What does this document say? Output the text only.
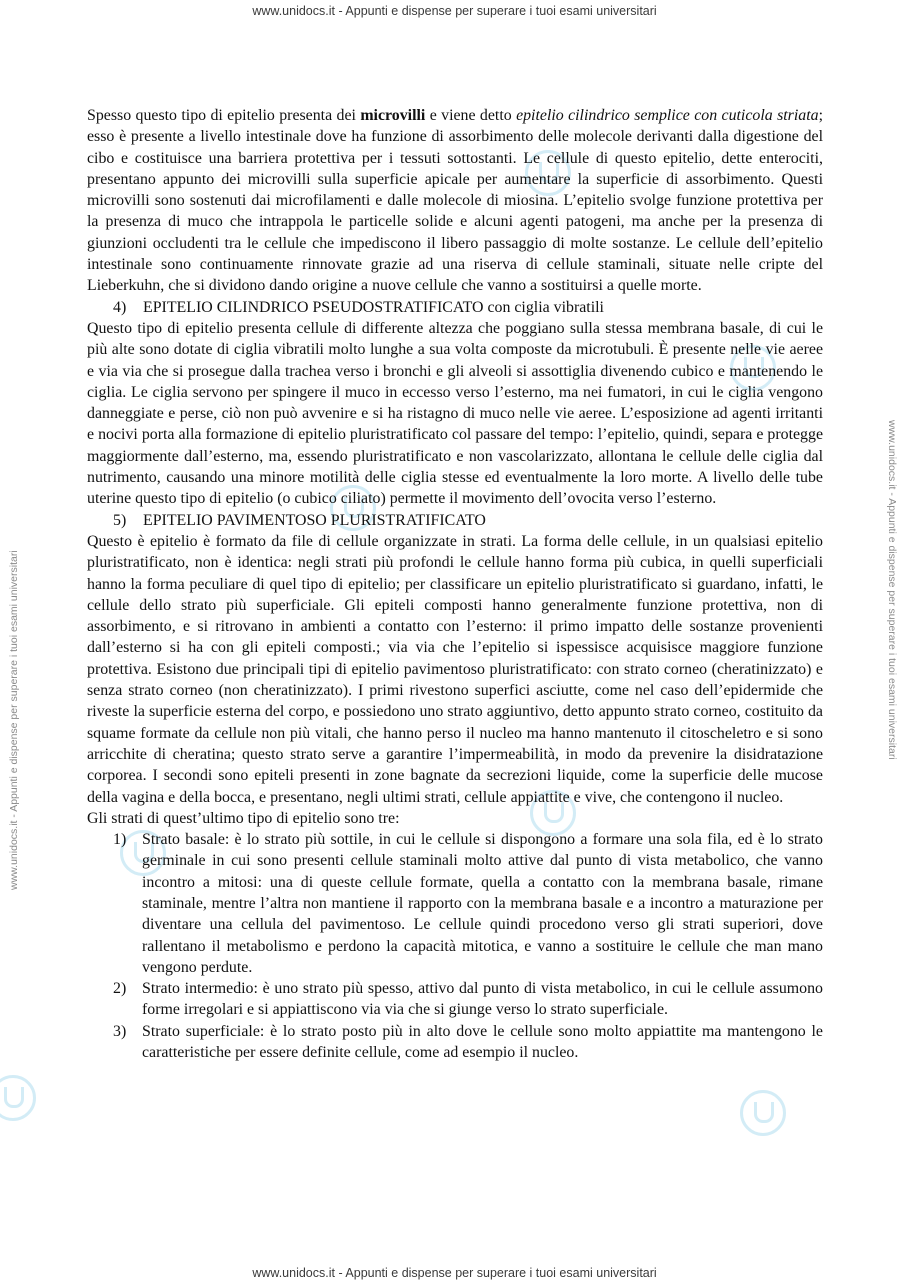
www.unidocs.it - Appunti e dispense per superare i tuoi esami universitari
www.unidocs.it - Appunti e dispense per superare i tuoi esami universitari	www.unidocs.it - Appunti e dispense per superare i tuoi esami universitari

Spesso questo tipo di epitelio presenta dei microvilli e viene detto epitelio cilindrico semplice con cuticola striata; esso è presente a livello intestinale dove ha funzione di assorbimento delle molecole derivanti dalla digestione del cibo e costituisce una barriera protettiva per i tessuti sottostanti. Le cellule di questo epitelio, dette enterociti, presentano appunto dei microvilli sulla superficie apicale per aumentare la superficie di assorbimento. Questi microvilli sono sostenuti dai microfilamenti e dalle molecole di miosina. L’epitelio svolge funzione protettiva per la presenza di muco che intrappola le particelle solide e alcuni agenti patogeni, ma anche per la presenza di giunzioni occludenti tra le cellule che impediscono il libero passaggio di molte sostanze. Le cellule dell’epitelio intestinale sono continuamente rinnovate grazie ad una riserva di cellule staminali, situate nelle cripte del Lieberkuhn, che si dividono dando origine a nuove cellule che vanno a sostituirsi a quelle morte.

4) EPITELIO CILINDRICO PSEUDOSTRATIFICATO con ciglia vibratili

Questo tipo di epitelio presenta cellule di differente altezza che poggiano sulla stessa membrana basale, di cui le più alte sono dotate di ciglia vibratili molto lunghe a sua volta composte da microtubuli. È presente nelle vie aeree e via via che si prosegue dalla trachea verso i bronchi e gli alveoli si assottiglia divenendo cubico e mantenendo le ciglia. Le ciglia servono per spingere il muco in eccesso verso l’esterno, ma nei fumatori, in cui le ciglia vengono danneggiate e perse, ciò non può avvenire e si ha ristagno di muco nelle vie aeree. L’esposizione ad agenti irritanti e nocivi porta alla formazione di epitelio pluristratificato col passare del tempo: l’epitelio, quindi, separa e protegge maggiormente dall’esterno, ma, essendo pluristratificato e non vascolarizzato, allontana le cellule delle ciglia dal nutrimento, causando una minore motilità delle ciglia stesse ed eventualmente la loro morte. A livello delle tube uterine questo tipo di epitelio (o cubico ciliato) permette il movimento dell’ovocita verso l’esterno.

5) EPITELIO PAVIMENTOSO PLURISTRATIFICATO

Questo è epitelio è formato da file di cellule organizzate in strati. La forma delle cellule, in un qualsiasi epitelio pluristratificato, non è identica: negli strati più profondi le cellule hanno forma più cubica, in quelli superficiali hanno la forma peculiare di quel tipo di epitelio; per classificare un epitelio pluristratificato si guardano, infatti, le cellule dello strato più superficiale. Gli epiteli composti hanno generalmente funzione protettiva, non di assorbimento, e si ritrovano in ambienti a contatto con l’esterno: il primo impatto delle sostanze provenienti dall’esterno si ha con gli epiteli composti.; via via che l’epitelio si ispessisce acquisisce maggiore funzione protettiva. Esistono due principali tipi di epitelio pavimentoso pluristratificato: con strato corneo (cheratinizzato) e senza strato corneo (non cheratinizzato). I primi rivestono superfici asciutte, come nel caso dell’epidermide che riveste la superficie esterna del corpo, e possiedono uno strato aggiuntivo, detto appunto strato corneo, costituito da squame formate da cellule non più vitali, che hanno perso il nucleo ma hanno mantenuto il citoscheletro e si sono arricchite di cheratina; questo strato serve a garantire l’impermeabilità, in modo da prevenire la disidratazione corporea. I secondi sono epiteli presenti in zone bagnate da secrezioni liquide, come la superficie delle mucose della vagina e della bocca, e presentano, negli ultimi strati, cellule appiattite e vive, che contengono il nucleo.

Gli strati di quest’ultimo tipo di epitelio sono tre:

1) Strato basale: è lo strato più sottile, in cui le cellule si dispongono a formare una sola fila, ed è lo strato germinale in cui sono presenti cellule staminali molto attive dal punto di vista metabolico, che vanno incontro a mitosi: una di queste cellule formate, quella a contatto con la membrana basale, rimane staminale, mentre l’altra non mantiene il rapporto con la membrana basale e a incontro a maturazione per diventare una cellula del pavimentoso. Le cellule quindi procedono verso gli strati superiori, dove rallentano il metabolismo e perdono la capacità mitotica, e vanno a sostituire le cellule che man mano vengono perdute.
2) Strato intermedio: è uno strato più spesso, attivo dal punto di vista metabolico, in cui le cellule assumono forme irregolari e si appiattiscono via via che si giunge verso lo strato superficiale.
3) Strato superficiale: è lo strato posto più in alto dove le cellule sono molto appiattite ma mantengono le caratteristiche per essere definite cellule, come ad esempio il nucleo.
www.unidocs.it - Appunti e dispense per superare i tuoi esami universitari
